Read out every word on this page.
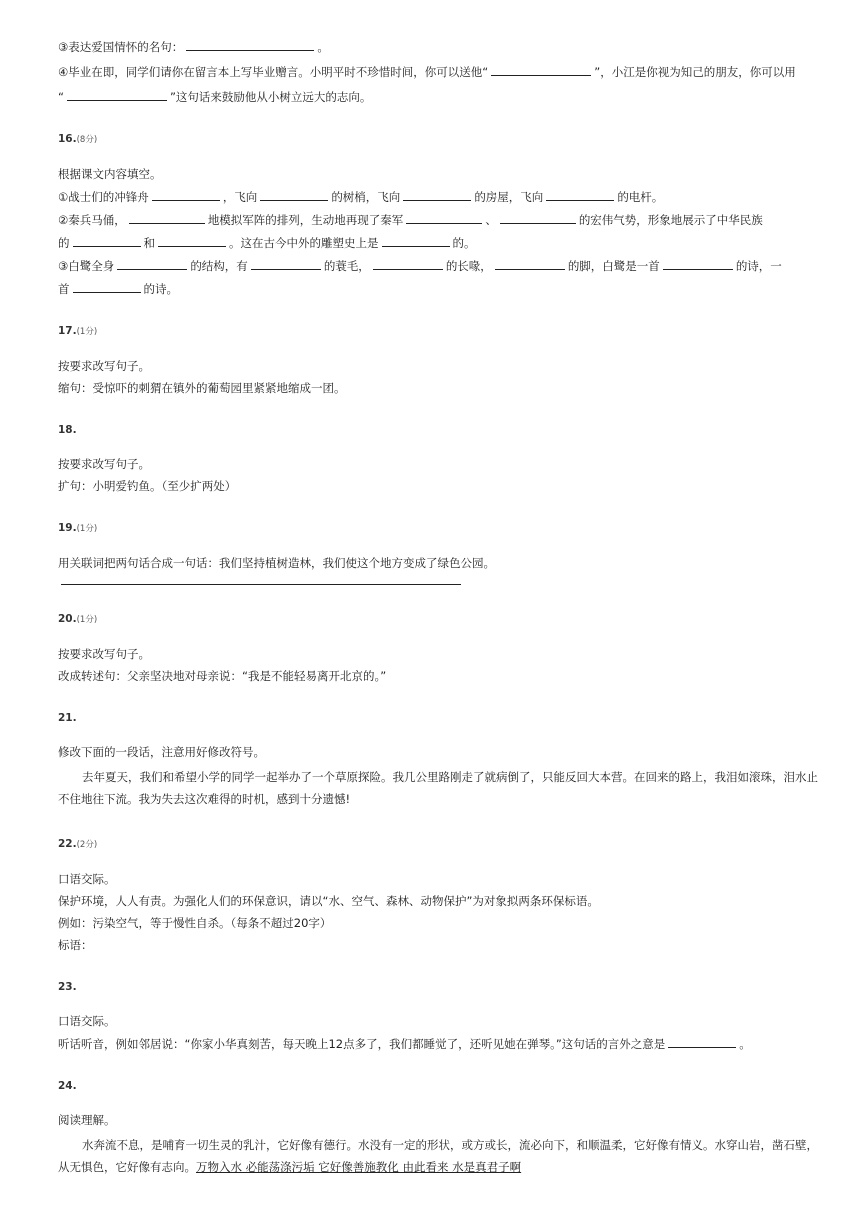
③表达爱国情怀的名句：	。

④毕业在即，同学们请你在留言本上写毕业赠言。小明平时不珍惜时间，你可以送他“	”，小江是你视为知己的朋友，你可以用

“	”这句话来鼓励他从小树立远大的志向。

16.(8分)

根据课文内容填空。

①战士们的冲锋舟	，飞向	的树梢，飞向	的房屋，飞向	的电杆。

②秦兵马俑，	地模拟军阵的排列，生动地再现了秦军	、	的宏伟气势，形象地展示了中华民族

的	和	。这在古今中外的雕塑史上是	的。

③白鹭全身	的结构，有	的蓑毛，	的长喙，	的脚，白鹭是一首	的诗，一

首	的诗。

17.(1分)

按要求改写句子。

缩句：受惊吓的刺猬在镇外的葡萄园里紧紧地缩成一团。

18.

按要求改写句子。

扩句：小明爱钓鱼。（至少扩两处）

19.(1分)

用关联词把两句话合成一句话：我们坚持植树造林，我们使这个地方变成了绿色公园。

20.(1分)

按要求改写句子。

改成转述句：父亲坚决地对母亲说：“我是不能轻易离开北京的。”

21.

修改下面的一段话，注意用好修改符号。

去年夏天，我们和希望小学的同学一起举办了一个草原探险。我几公里路刚走了就病倒了，只能反回大本营。在回来的路上，我泪如滚珠，泪水止不住地往下流。我为失去这次难得的时机，感到十分遗憾!

22.(2分)

口语交际。

保护环境，人人有责。为强化人们的环保意识，请以“水、空气、森林、动物保护”为对象拟两条环保标语。

例如：污染空气，等于慢性自杀。（每条不超过20字）

标语：

23.

口语交际。

听话听音，例如邻居说：“你家小华真刻苦，每天晚上12点多了，我们都睡觉了，还听见她在弹琴。”这句话的言外之意是	。

24.

阅读理解。

水奔流不息，是哺育一切生灵的乳汁，它好像有德行。水没有一定的形状，或方或长，流必向下，和顺温柔，它好像有情义。水穿山岩，凿石壁，从无惧色，它好像有志向。万物入水 必能荡涤污垢 它好像善施教化 由此看来 水是真君子啊
